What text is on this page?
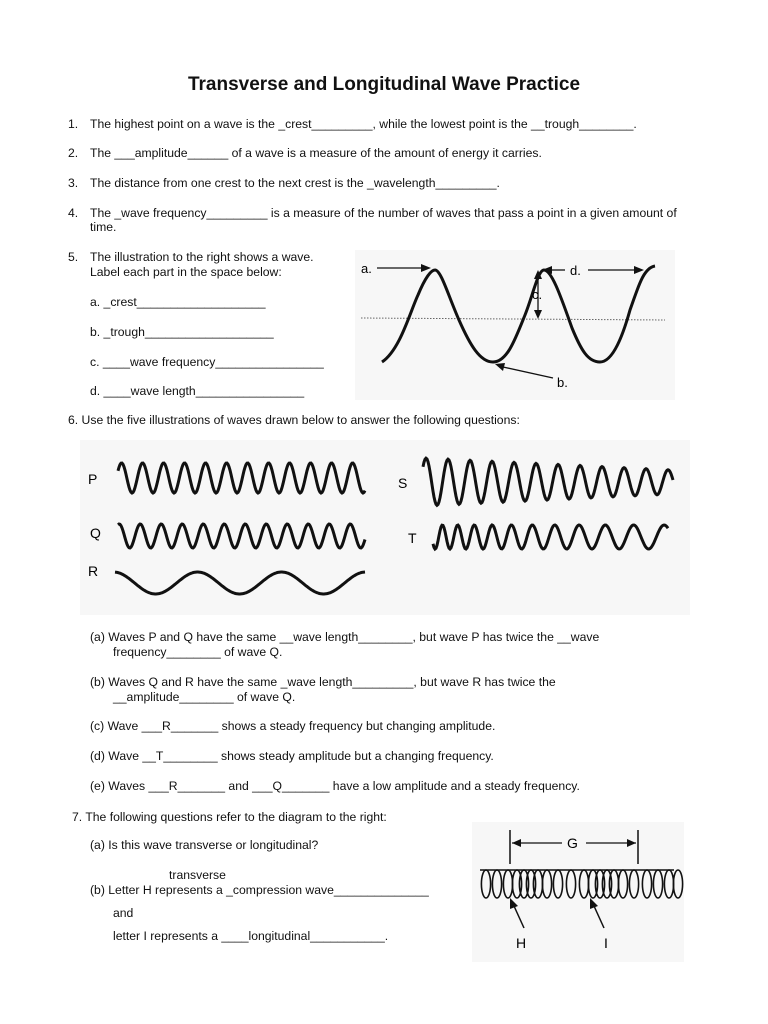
Transverse and Longitudinal Wave Practice
1. The highest point on a wave is the _crest_________, while the lowest point is the __trough________.
2. The ___amplitude______ of a wave is a measure of the amount of energy it carries.
3. The distance from one crest to the next crest is the _wavelength_________.
4. The _wave frequency_________ is a measure of the number of waves that pass a point in a given amount of
time.
5. The illustration to the right shows a wave.
Label each part in the space below:
a. _crest___________________
b. _trough___________________
c. ____wave frequency________________
d. ____wave length________________
a.
c.
d.
b.
6. Use the five illustrations of waves drawn below to answer the following questions:
P
Q
R
S
T
(a) Waves P and Q have the same __wave length________, but wave P has twice the __wave
frequency________ of wave Q.
(b) Waves Q and R have the same _wave length_________, but wave R has twice the
__amplitude________ of wave Q.
(c) Wave ___R_______ shows a steady frequency but changing amplitude.
(d) Wave __T________ shows steady amplitude but a changing frequency.
(e) Waves ___R_______ and ___Q_______ have a low amplitude and a steady frequency.
7. The following questions refer to the diagram to the right:
(a) Is this wave transverse or longitudinal?
transverse
(b) Letter H represents a _compression wave______________
and
letter I represents a ____longitudinal___________.
G
H	I
